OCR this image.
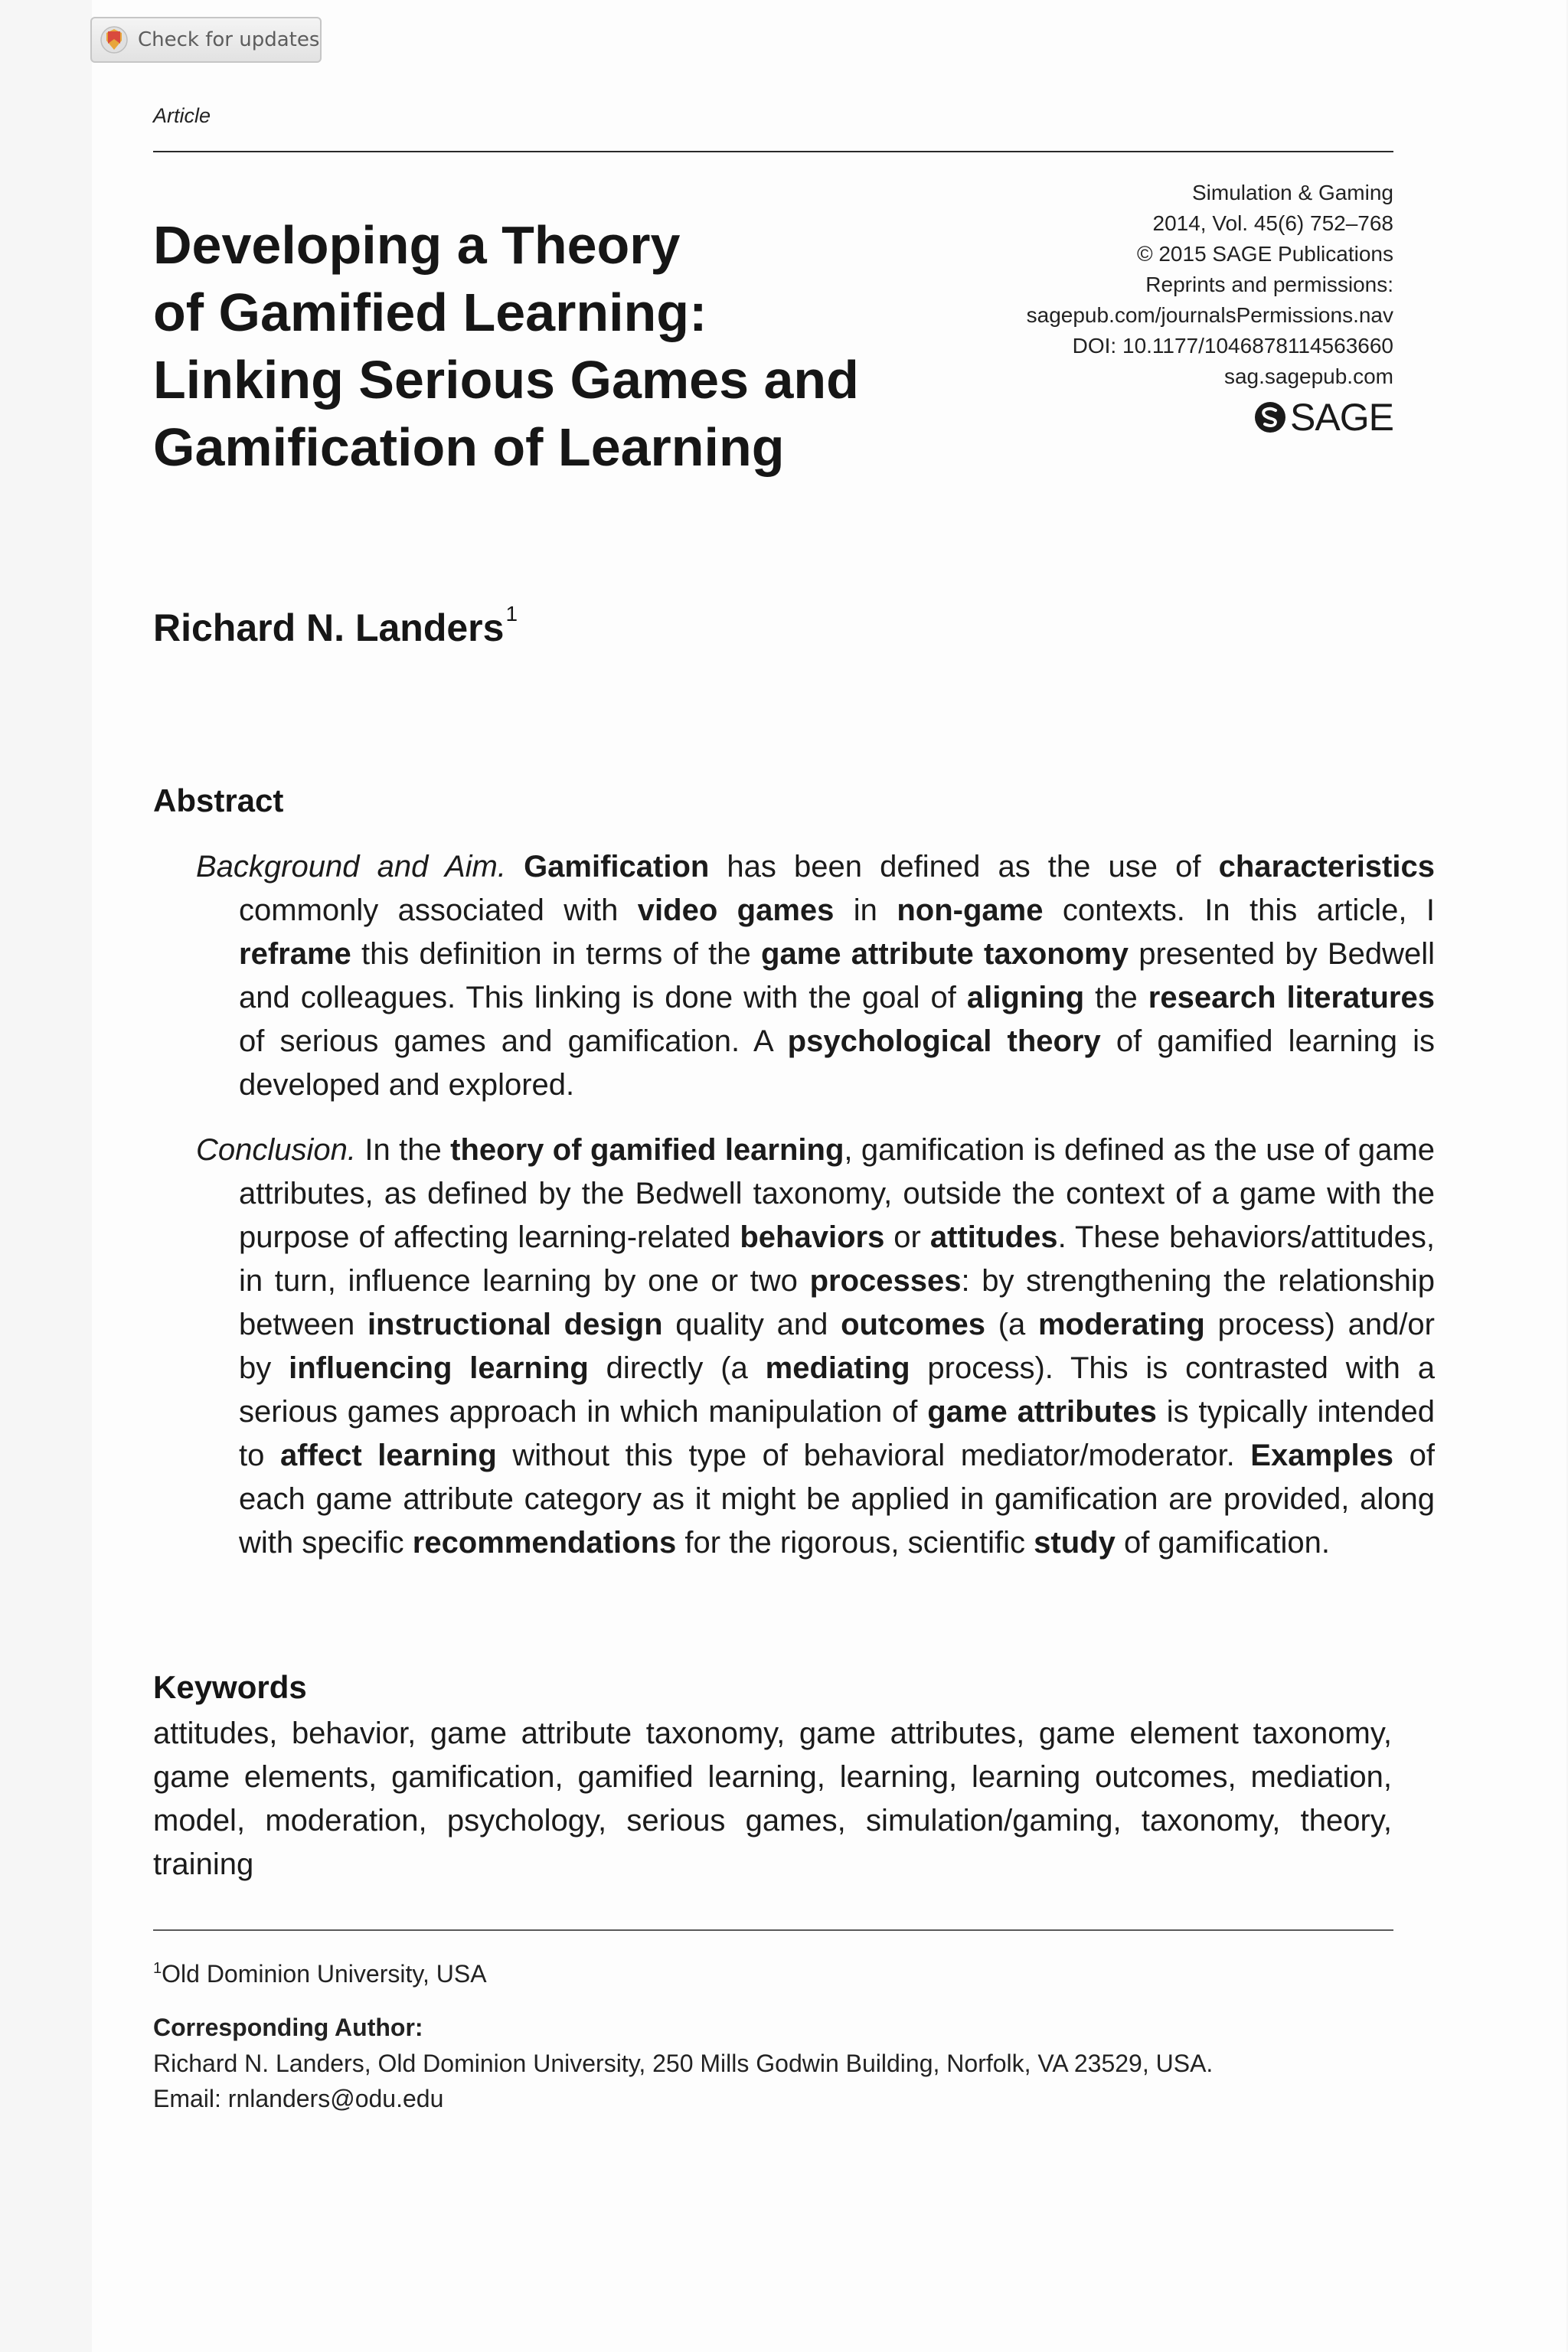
Check for updates
Article
Developing a Theory
of Gamified Learning:
Linking Serious Games and
Gamification of Learning
Simulation & Gaming
2014, Vol. 45(6) 752–768
© 2015 SAGE Publications
Reprints and permissions:
sagepub.com/journalsPermissions.nav
DOI: 10.1177/1046878114563660
sag.sagepub.com
SAGE
Richard N. Landers$^1$
Abstract

Background and Aim. Gamification has been defined as the use of characteristics commonly associated with video games in non-game contexts. In this article, I reframe this definition in terms of the game attribute taxonomy presented by Bedwell and colleagues. This linking is done with the goal of aligning the research literatures of serious games and gamification. A psychological theory of gamified learning is developed and explored.

Conclusion. In the theory of gamified learning, gamification is defined as the use of game attributes, as defined by the Bedwell taxonomy, outside the context of a game with the purpose of affecting learning-related behaviors or attitudes. These behaviors/attitudes, in turn, influence learning by one or two processes: by strengthening the relationship between instructional design quality and outcomes (a moderating process) and/or by influencing learning directly (a mediating process). This is contrasted with a serious games approach in which manipulation of game attributes is typically intended to affect learning without this type of behavioral mediator/moderator. Examples of each game attribute category as it might be applied in gamification are provided, along with specific recommendations for the rigorous, scientific study of gamification.

Keywords

attitudes, behavior, game attribute taxonomy, game attributes, game element taxonomy, game elements, gamification, gamified learning, learning, learning outcomes, mediation, model, moderation, psychology, serious games, simulation/gaming, taxonomy, theory, training

$^1$Old Dominion University, USA

Corresponding Author:

Richard N. Landers, Old Dominion University, 250 Mills Godwin Building, Norfolk, VA 23529, USA.

Email: rnlanders@odu.edu
